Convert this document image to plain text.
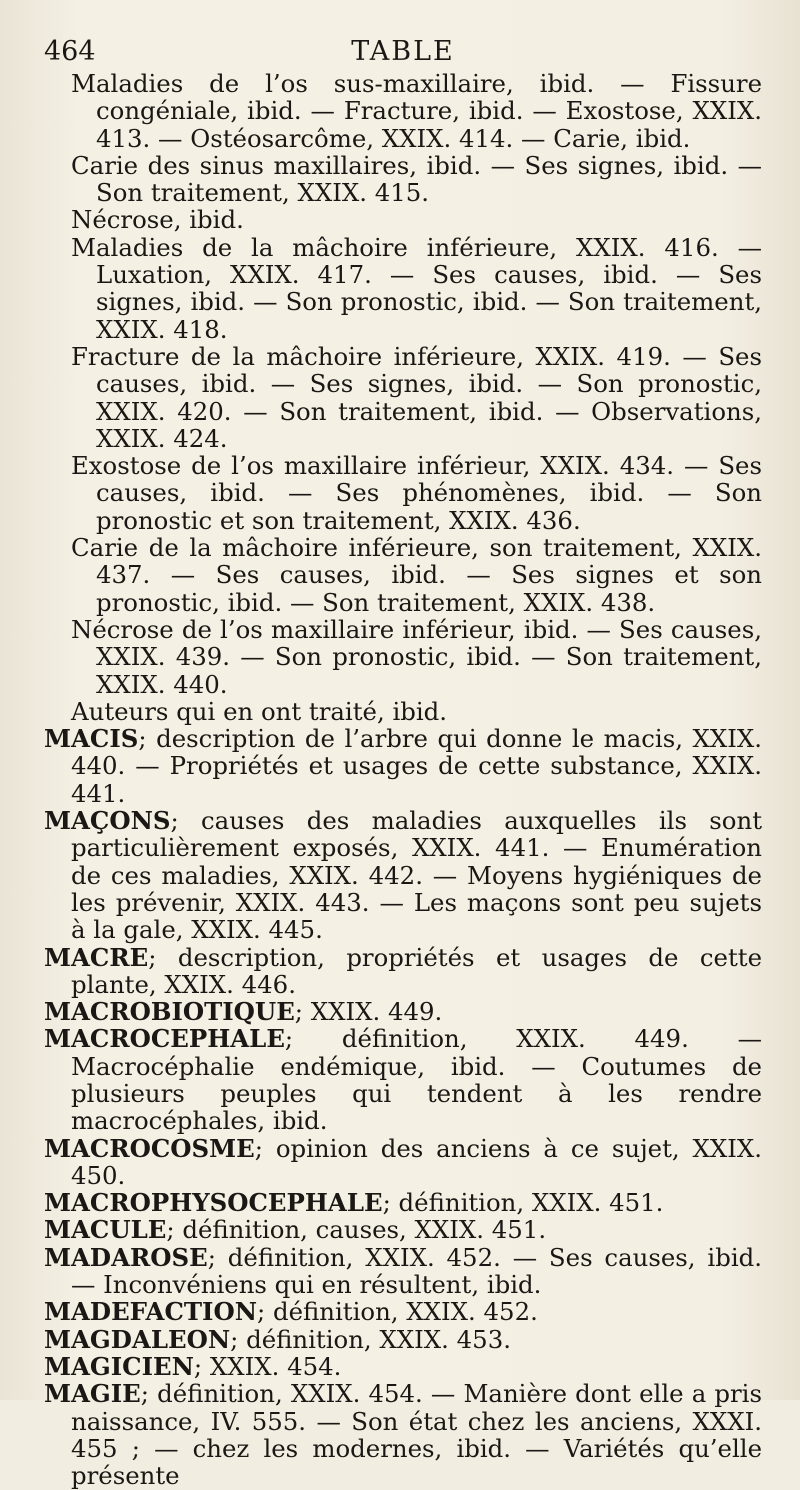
464	TABLE

Maladies de l’os sus-maxillaire, ibid. — Fissure congéniale, ibid. — Fracture, ibid. — Exostose, XXIX. 413. — Ostéosarcôme, XXIX. 414. — Carie, ibid.

Carie des sinus maxillaires, ibid. — Ses signes, ibid. — Son traitement, XXIX. 415.

Nécrose, ibid.

Maladies de la mâchoire inférieure, XXIX. 416. — Luxation, XXIX. 417. — Ses causes, ibid. — Ses signes, ibid. — Son pronostic, ibid. — Son traitement, XXIX. 418.

Fracture de la mâchoire inférieure, XXIX. 419. — Ses causes, ibid. — Ses signes, ibid. — Son pronostic, XXIX. 420. — Son traitement, ibid. — Observations, XXIX. 424.

Exostose de l’os maxillaire inférieur, XXIX. 434. — Ses causes, ibid. — Ses phénomènes, ibid. — Son pronostic et son traitement, XXIX. 436.

Carie de la mâchoire inférieure, son traitement, XXIX. 437. — Ses causes, ibid. — Ses signes et son pronostic, ibid. — Son traitement, XXIX. 438.

Nécrose de l’os maxillaire inférieur, ibid. — Ses causes, XXIX. 439. — Son pronostic, ibid. — Son traitement, XXIX. 440.

Auteurs qui en ont traité, ibid.

MACIS; description de l’arbre qui donne le macis, XXIX. 440. — Propriétés et usages de cette substance, XXIX. 441.

MAÇONS; causes des maladies auxquelles ils sont particulièrement exposés, XXIX. 441. — Enumération de ces maladies, XXIX. 442. — Moyens hygiéniques de les prévenir, XXIX. 443. — Les maçons sont peu sujets à la gale, XXIX. 445.

MACRE; description, propriétés et usages de cette plante, XXIX. 446.

MACROBIOTIQUE; XXIX. 449.

MACROCEPHALE; définition, XXIX. 449. — Macrocéphalie endémique, ibid. — Coutumes de plusieurs peuples qui tendent à les rendre macrocéphales, ibid.

MACROCOSME; opinion des anciens à ce sujet, XXIX. 450.

MACROPHYSOCEPHALE; définition, XXIX. 451.

MACULE; définition, causes, XXIX. 451.

MADAROSE; définition, XXIX. 452. — Ses causes, ibid. — Inconvéniens qui en résultent, ibid.

MADEFACTION; définition, XXIX. 452.

MAGDALEON; définition, XXIX. 453.

MAGICIEN; XXIX. 454.

MAGIE; définition, XXIX. 454. — Manière dont elle a pris naissance, IV. 555. — Son état chez les anciens, XXXI. 455 ; — chez les modernes, ibid. — Variétés qu’elle présente
